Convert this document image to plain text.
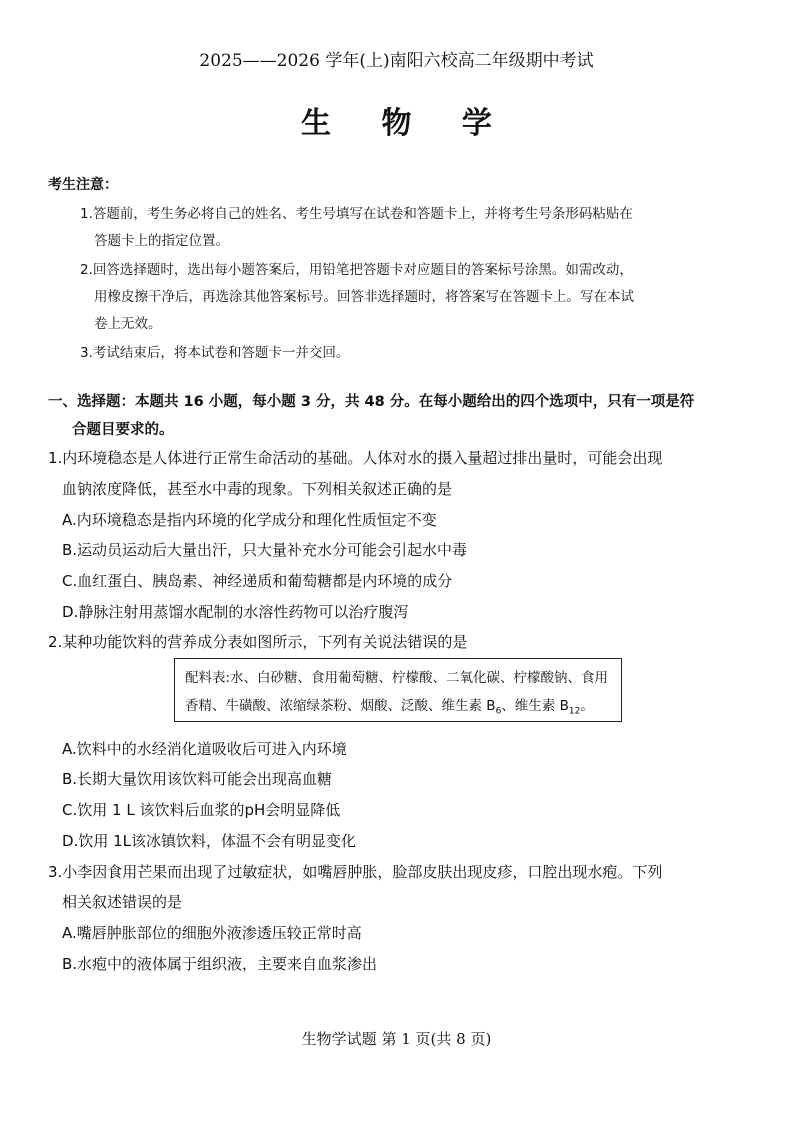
2025——2026 学年(上)南阳六校高二年级期中考试
生 物 学
考生注意：
1.答题前，考生务必将自己的姓名、考生号填写在试卷和答题卡上，并将考生号条形码粘贴在
答题卡上的指定位置。
2.回答选择题时，选出每小题答案后，用铅笔把答题卡对应题目的答案标号涂黑。如需改动，
用橡皮擦干净后，再选涂其他答案标号。回答非选择题时，将答案写在答题卡上。写在本试
卷上无效。
3.考试结束后，将本试卷和答题卡一并交回。
一、选择题：本题共 16 小题，每小题 3 分，共 48 分。在每小题给出的四个选项中，只有一项是符
合题目要求的。
1.内环境稳态是人体进行正常生命活动的基础。人体对水的摄入量超过排出量时，可能会出现
血钠浓度降低，甚至水中毒的现象。下列相关叙述正确的是
A.内环境稳态是指内环境的化学成分和理化性质恒定不变
B.运动员运动后大量出汗，只大量补充水分可能会引起水中毒
C.血红蛋白、胰岛素、神经递质和葡萄糖都是内环境的成分
D.静脉注射用蒸馏水配制的水溶性药物可以治疗腹泻
2.某种功能饮料的营养成分表如图所示，下列有关说法错误的是
配料表:水、白砂糖、食用葡萄糖、柠檬酸、二氧化碳、柠檬酸钠、食用
香精、牛磺酸、浓缩绿茶粉、烟酸、泛酸、维生素 $B_6$、维生素 $B_{12}$。
A.饮料中的水经消化道吸收后可进入内环境
B.长期大量饮用该饮料可能会出现高血糖
C.饮用 1 L 该饮料后血浆的pH会明显降低
D.饮用 1L该冰镇饮料，体温不会有明显变化
3.小李因食用芒果而出现了过敏症状，如嘴唇肿胀，脸部皮肤出现皮疹，口腔出现水疱。下列
相关叙述错误的是
A.嘴唇肿胀部位的细胞外液渗透压较正常时高
B.水疱中的液体属于组织液，主要来自血浆渗出
生物学试题 第 1 页(共 8 页)
